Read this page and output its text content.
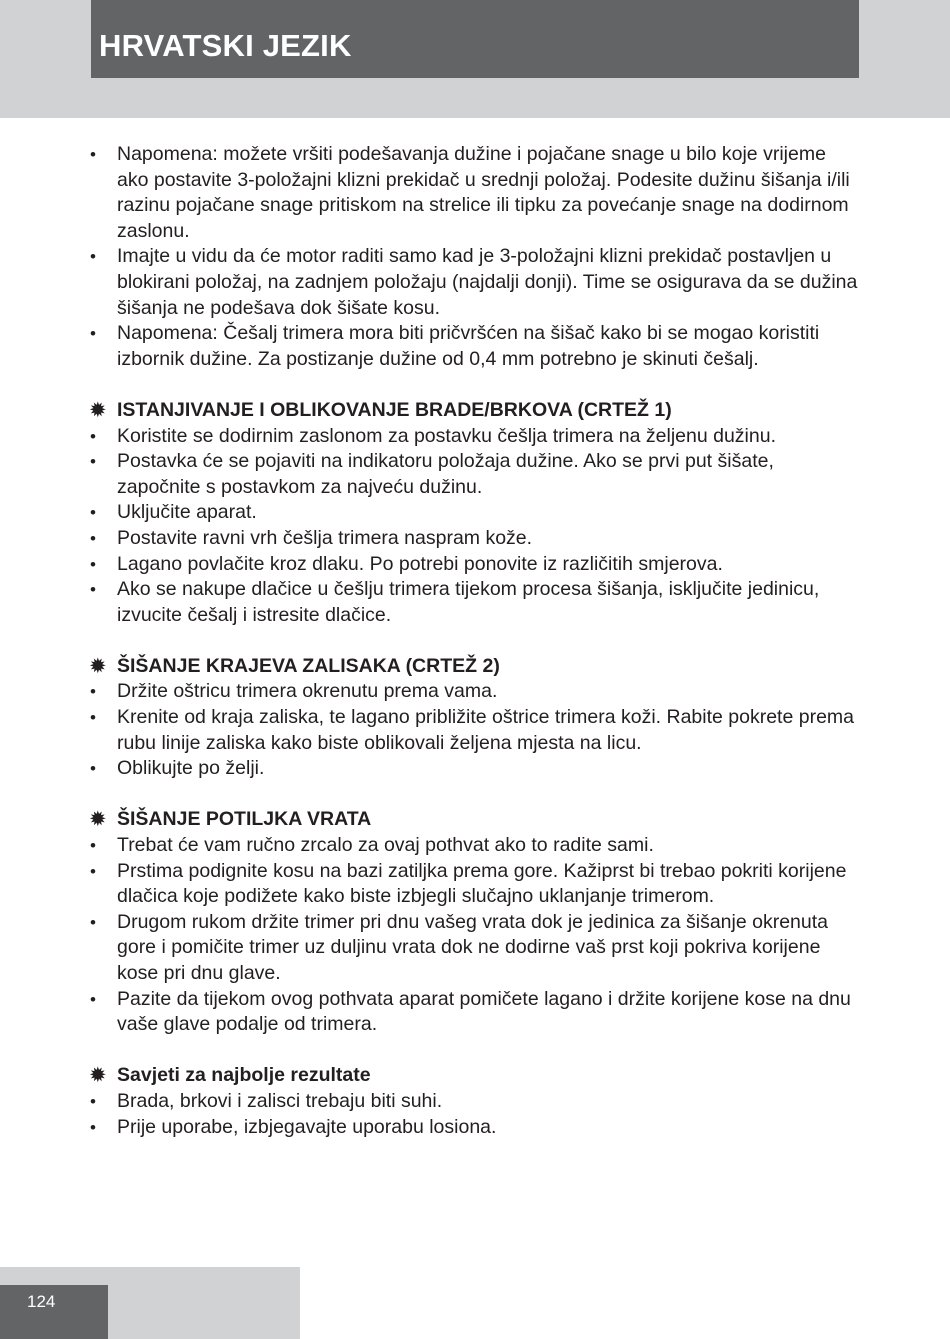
HRVATSKI JEZIK
• Napomena: možete vršiti podešavanja dužine i pojačane snage u bilo koje vrijeme ako postavite 3-položajni klizni prekidač u srednji položaj. Podesite dužinu šišanja i/ili razinu pojačane snage pritiskom na strelice ili tipku za povećanje snage na dodirnom zaslonu.
• Imajte u vidu da će motor raditi samo kad je 3-položajni klizni prekidač postavljen u blokirani položaj, na zadnjem položaju (najdalji donji). Time se osigurava da se dužina šišanja ne podešava dok šišate kosu.
• Napomena: Češalj trimera mora biti pričvršćen na šišač kako bi se mogao koristiti izbornik dužine. Za postizanje dužine od 0,4 mm potrebno je skinuti češalj.
✹ ISTANJIVANJE I OBLIKOVANJE BRADE/BRKOVA (CRTEŽ 1)
• Koristite se dodirnim zaslonom za postavku češlja trimera na željenu dužinu.
• Postavka će se pojaviti na indikatoru položaja dužine. Ako se prvi put šišate, započnite s postavkom za najveću dužinu.
• Uključite aparat.
• Postavite ravni vrh češlja trimera naspram kože.
• Lagano povlačite kroz dlaku. Po potrebi ponovite iz različitih smjerova.
• Ako se nakupe dlačice u češlju trimera tijekom procesa šišanja, isključite jedinicu, izvucite češalj i istresite dlačice.
✹ ŠIŠANJE KRAJEVA ZALISAKA (CRTEŽ 2)
• Držite oštricu trimera okrenutu prema vama.
• Krenite od kraja zaliska, te lagano približite oštrice trimera koži. Rabite pokrete prema rubu linije zaliska kako biste oblikovali željena mjesta na licu.
• Oblikujte po želji.
✹ ŠIŠANJE POTILJKA VRATA
• Trebat će vam ručno zrcalo za ovaj pothvat ako to radite sami.
• Prstima podignite kosu na bazi zatiljka prema gore. Kažiprst bi trebao pokriti korijene dlačica koje podižete kako biste izbjegli slučajno uklanjanje trimerom.
• Drugom rukom držite trimer pri dnu vašeg vrata dok je jedinica za šišanje okrenuta gore i pomičite trimer uz duljinu vrata dok ne dodirne vaš prst koji pokriva korijene kose pri dnu glave.
• Pazite da tijekom ovog pothvata aparat pomičete lagano i držite korijene kose na dnu vaše glave podalje od trimera.
✹ Savjeti za najbolje rezultate
• Brada, brkovi i zalisci trebaju biti suhi.
• Prije uporabe, izbjegavajte uporabu losiona.
124
